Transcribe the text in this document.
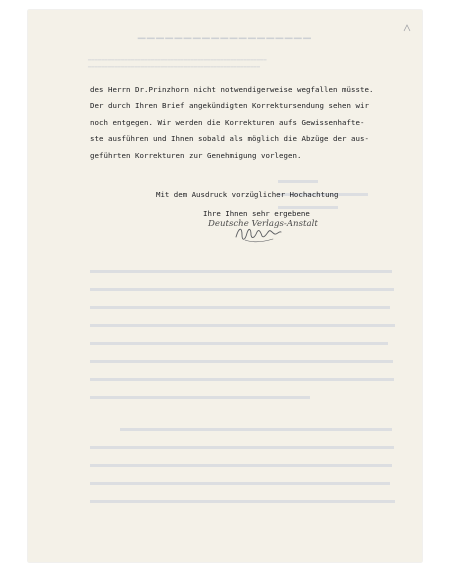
▔▔▔▔▔▔▔▔▔▔▔▔▔▔▔▔▔▔▔
▁▁▁▁▁▁▁▁▁▁▁▁▁▁▁▁▁▁▁▁▁▁▁▁▁▁▁▁▁▁▁▁▁▁▁▁▁▁▁▁▁▁▁▁▁▁▁▁▁▁▁▁▁▁
▁▁▁▁▁▁▁▁▁▁▁▁▁▁▁▁▁▁▁▁▁▁▁▁▁▁▁▁▁▁▁▁▁▁▁▁▁▁▁▁▁▁▁▁▁▁▁▁▁▁▁▁
des Herrn Dr.Prinzhorn nicht notwendigerweise wegfallen müsste.
Der durch Ihren Brief angekündigten Korrektursendung sehen wir
noch entgegen. Wir werden die Korrekturen aufs Gewissenhafte-
ste ausführen und Ihnen sobald als möglich die Abzüge der aus-
geführten Korrekturen zur Genehmigung vorlegen.
Mit dem Ausdruck vorzüglicher Hochachtung
Ihre Ihnen sehr ergebene
Deutsche Verlags-Anstalt
